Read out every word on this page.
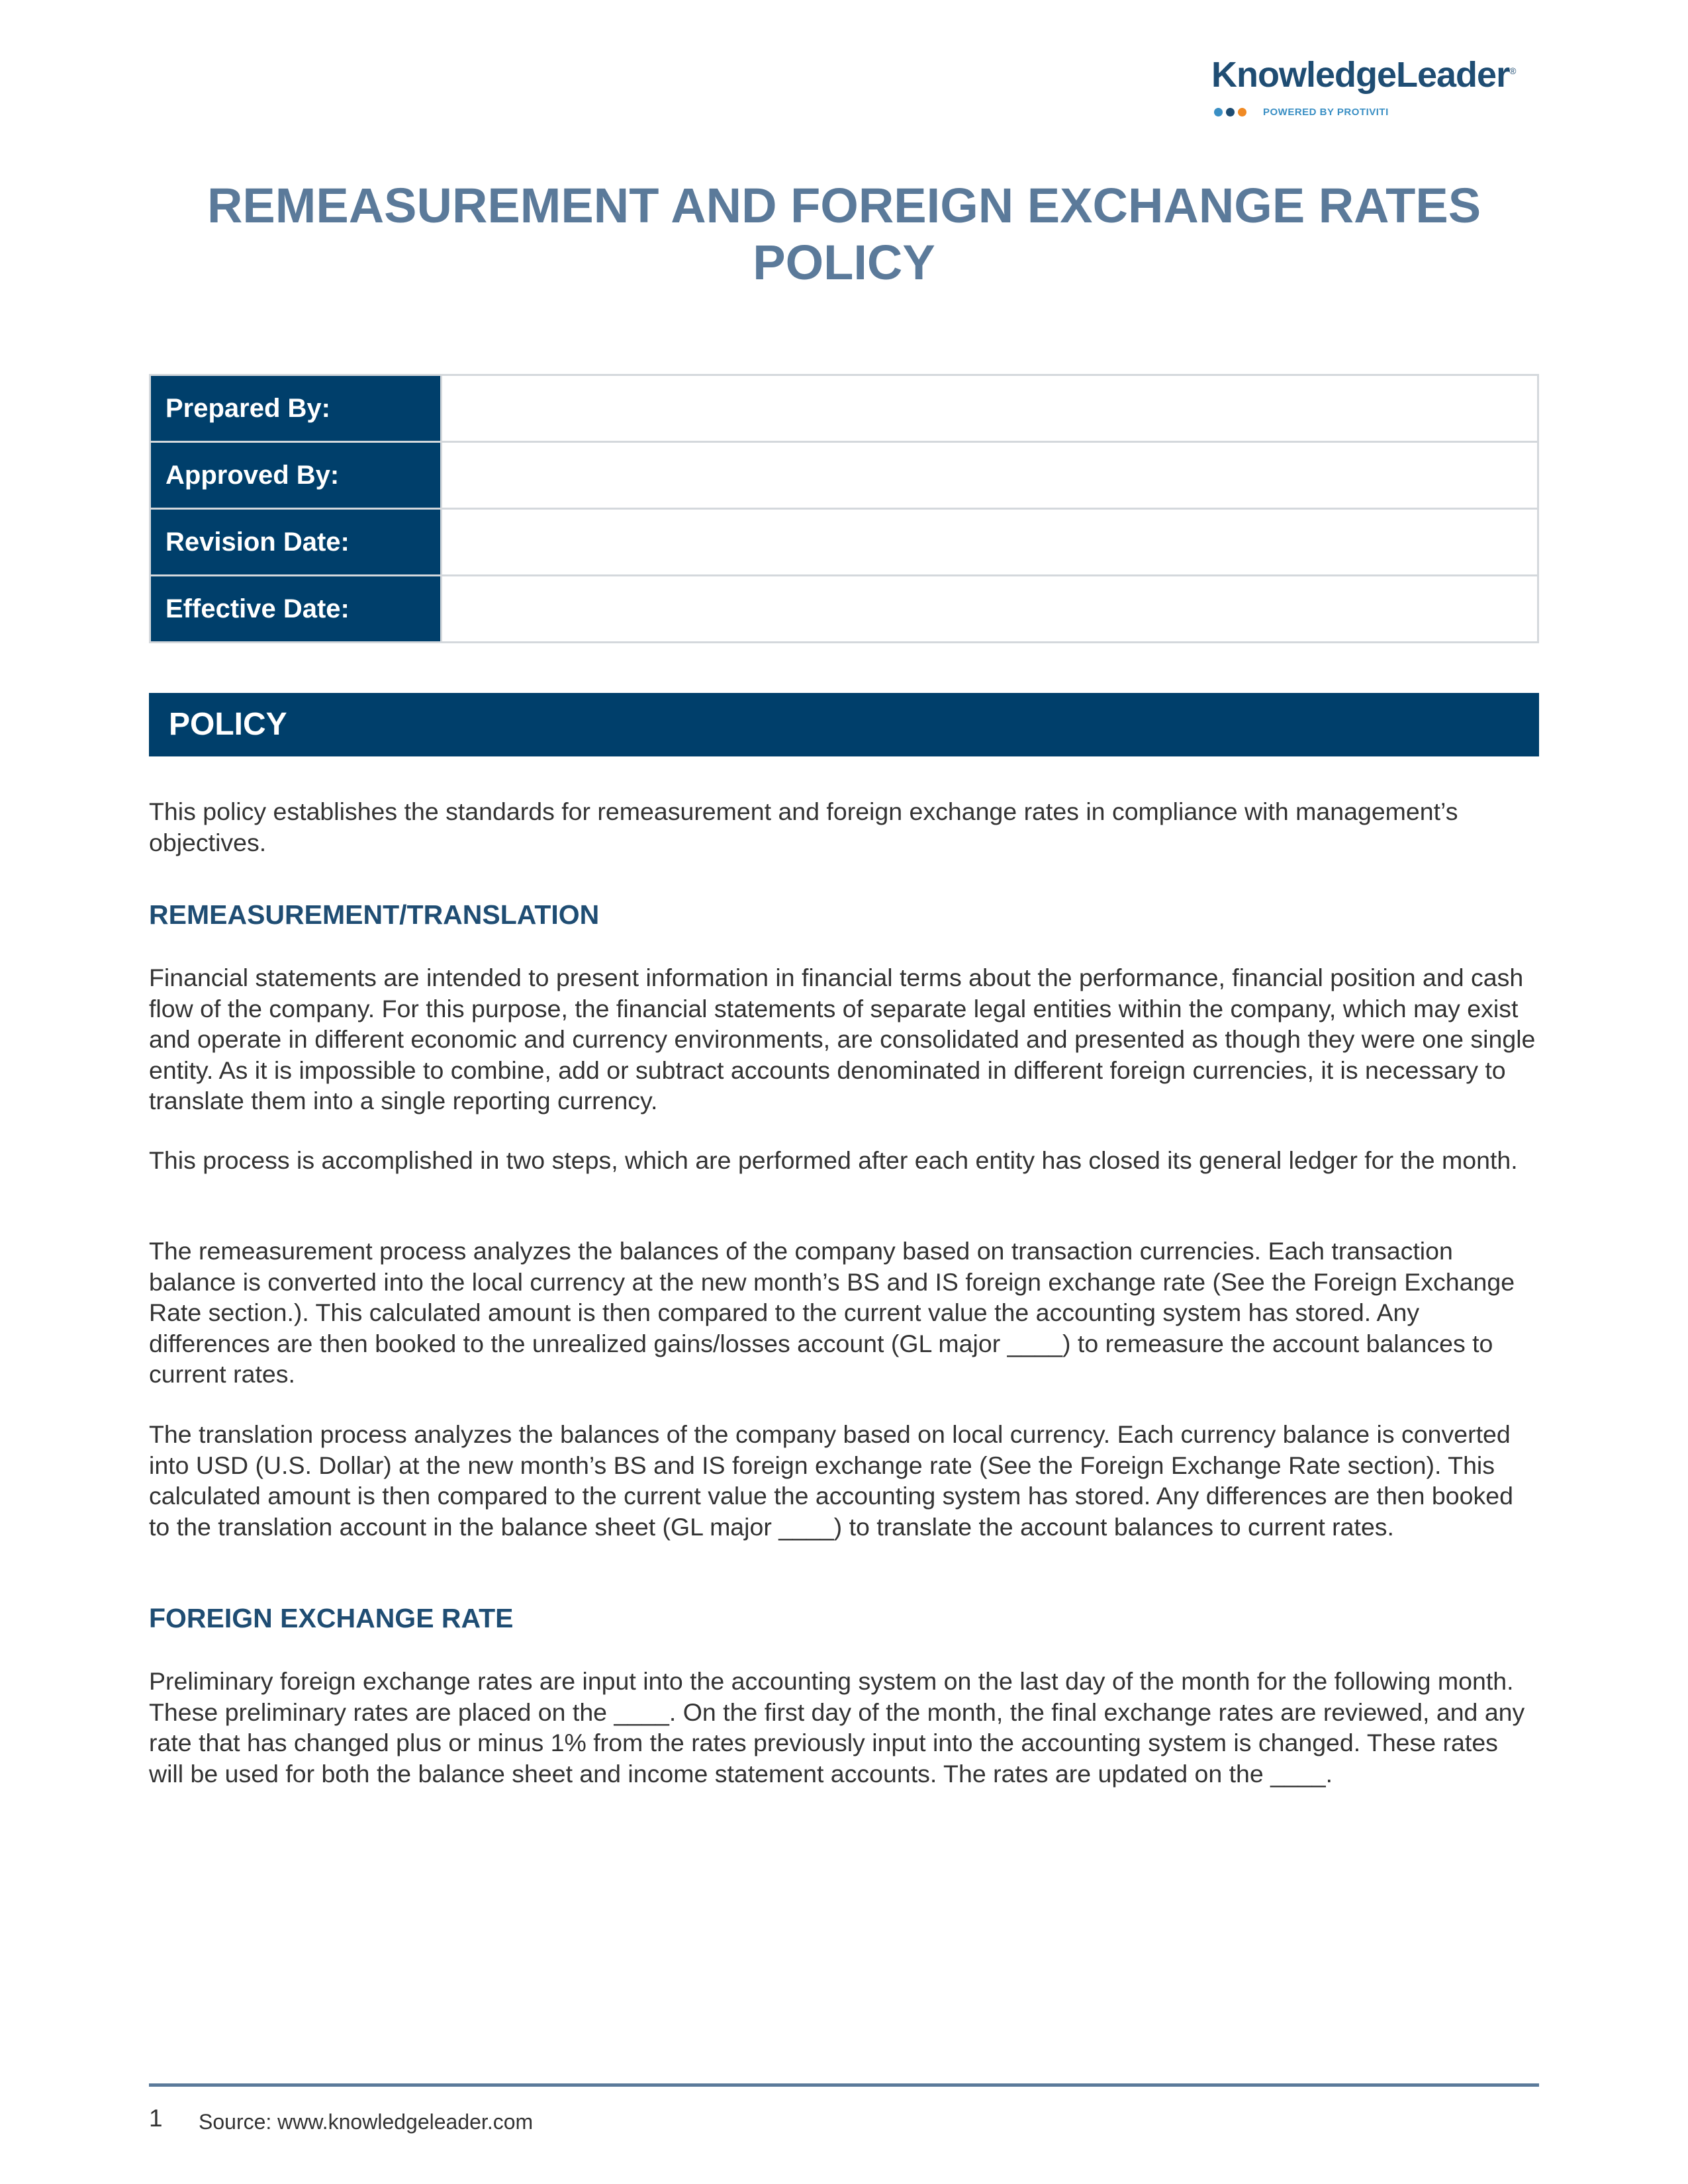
KnowledgeLeader®
POWERED BY PROTIVITI
REMEASUREMENT AND FOREIGN EXCHANGE RATES
POLICY
Prepared By:	
Approved By:	
Revision Date:	
Effective Date:	
POLICY

This policy establishes the standards for remeasurement and foreign exchange rates in compliance with management’s objectives.

REMEASUREMENT/TRANSLATION

Financial statements are intended to present information in financial terms about the performance, financial position and cash flow of the company. For this purpose, the financial statements of separate legal entities within the company, which may exist and operate in different economic and currency environments, are consolidated and presented as though they were one single entity. As it is impossible to combine, add or subtract accounts denominated in different foreign currencies, it is necessary to translate them into a single reporting currency.

This process is accomplished in two steps, which are performed after each entity has closed its general ledger for the month.

The remeasurement process analyzes the balances of the company based on transaction currencies. Each transaction balance is converted into the local currency at the new month’s BS and IS foreign exchange rate (See the Foreign Exchange Rate section.). This calculated amount is then compared to the current value the accounting system has stored. Any differences are then booked to the unrealized gains/losses account (GL major ____) to remeasure the account balances to current rates.

The translation process analyzes the balances of the company based on local currency. Each currency balance is converted into USD (U.S. Dollar) at the new month’s BS and IS foreign exchange rate (See the Foreign Exchange Rate section). This calculated amount is then compared to the current value the accounting system has stored. Any differences are then booked to the translation account in the balance sheet (GL major ____) to translate the account balances to current rates.

FOREIGN EXCHANGE RATE

Preliminary foreign exchange rates are input into the accounting system on the last day of the month for the following month. These preliminary rates are placed on the ____. On the first day of the month, the final exchange rates are reviewed, and any rate that has changed plus or minus 1% from the rates previously input into the accounting system is changed. These rates will be used for both the balance sheet and income statement accounts. The rates are updated on the ____.

1 Source: www.knowledgeleader.com
